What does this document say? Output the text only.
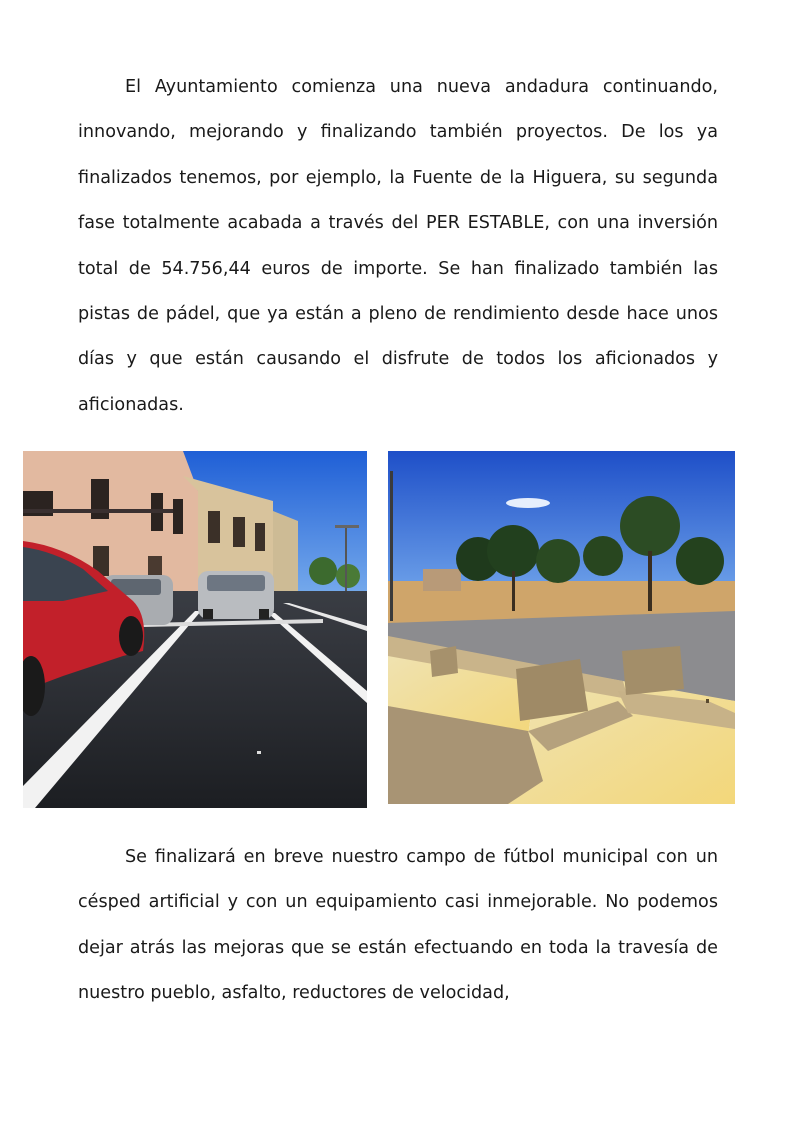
El Ayuntamiento comienza una nueva andadura continuando, innovando, mejorando y finalizando también proyectos. De los ya finalizados tenemos, por ejemplo, la Fuente de la Higuera, su segunda fase totalmente acabada a través del PER ESTABLE, con una inversión total de 54.756,44 euros de importe. Se han finalizado también las pistas de pádel, que ya están a pleno de rendimiento desde hace unos días y que están causando el disfrute de todos los aficionados y aficionadas.

Se finalizará en breve nuestro campo de fútbol municipal con un césped artificial y con un equipamiento casi inmejorable. No podemos dejar atrás las mejoras que se están efectuando en toda la travesía de nuestro pueblo, asfalto, reductores de velocidad,
